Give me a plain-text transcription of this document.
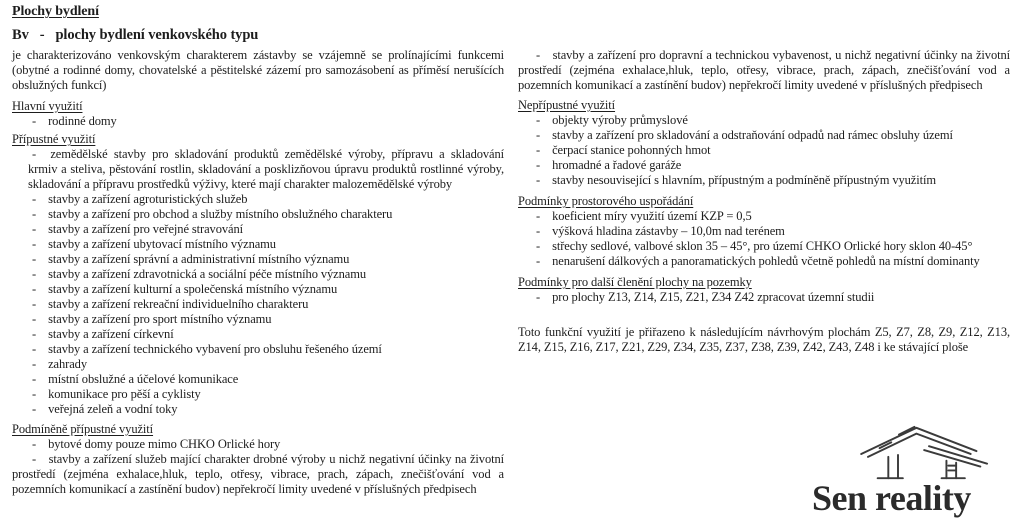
Plochy bydlení
Bv - plochy bydlení venkovského typu

je charakterizováno venkovským charakterem zástavby se vzájemně se prolínajícími funkcemi (obytné a rodinné domy, chovatelské a pěstitelské zázemí pro samozásobení as příměsí nerušících obslužných funkcí)

Hlavní využití

- rodinné domy

Přípustné využití

- zemědělské stavby pro skladování produktů zemědělské výroby, přípravu a skladování krmiv a steliva, pěstování rostlin, skladování a posklizňovou úpravu produktů rostlinné výroby, skladování a přípravu prostředků výživy, které mají charakter malozemědělské výroby

- stavby a zařízení agroturistických služeb

- stavby a zařízení pro obchod a služby místního obslužného charakteru

- stavby a zařízení pro veřejné stravování

- stavby a zařízení ubytovací místního významu

- stavby a zařízení správní a administrativní místního významu

- stavby a zařízení zdravotnická a sociální péče místního významu

- stavby a zařízení kulturní a společenská místního významu

- stavby a zařízení rekreační individuelního charakteru

- stavby a zařízení pro sport místního významu

- stavby a zařízení církevní

- stavby a zařízení technického vybavení pro obsluhu řešeného území

- zahrady

- místní obslužné a účelové komunikace

- komunikace pro pěší a cyklisty

- veřejná zeleň a vodní toky

Podmíněně přípustné využití

- bytové domy pouze mimo CHKO Orlické hory

- stavby a zařízení služeb mající charakter drobné výroby u nichž negativní účinky na životní prostředí (zejména exhalace,hluk, teplo, otřesy, vibrace, prach, zápach, znečišťování vod a pozemních komunikací a zastínění budov) nepřekročí limity uvedené v příslušných předpisech

- stavby a zařízení pro dopravní a technickou vybavenost, u nichž negativní účinky na životní prostředí (zejména exhalace,hluk, teplo, otřesy, vibrace, prach, zápach, znečišťování vod a pozemních komunikací a zastínění budov) nepřekročí limity uvedené v příslušných předpisech

Nepřípustné využití

- objekty výroby průmyslové

- stavby a zařízení pro skladování a odstraňování odpadů nad rámec obsluhy území

- čerpací stanice pohonných hmot

- hromadné a řadové garáže

- stavby nesouvisející s hlavním, přípustným a podmíněně přípustným využitím

Podmínky prostorového uspořádání

- koeficient míry využití území KZP = 0,5

- výšková hladina zástavby – 10,0m nad terénem

- střechy sedlové, valbové sklon 35 – 45°, pro území CHKO Orlické hory sklon 40-45°

- nenarušení dálkových a panoramatických pohledů včetně pohledů na místní dominanty

Podmínky pro další členění plochy na pozemky

- pro plochy Z13, Z14, Z15, Z21, Z34 Z42 zpracovat územní studii

Toto funkční využití je přiřazeno k následujícím návrhovým plochám Z5, Z7, Z8, Z9, Z12, Z13, Z14, Z15, Z16, Z17, Z21, Z29, Z34, Z35, Z37, Z38, Z39, Z42, Z43, Z48 i ke stávající ploše

Sen reality
